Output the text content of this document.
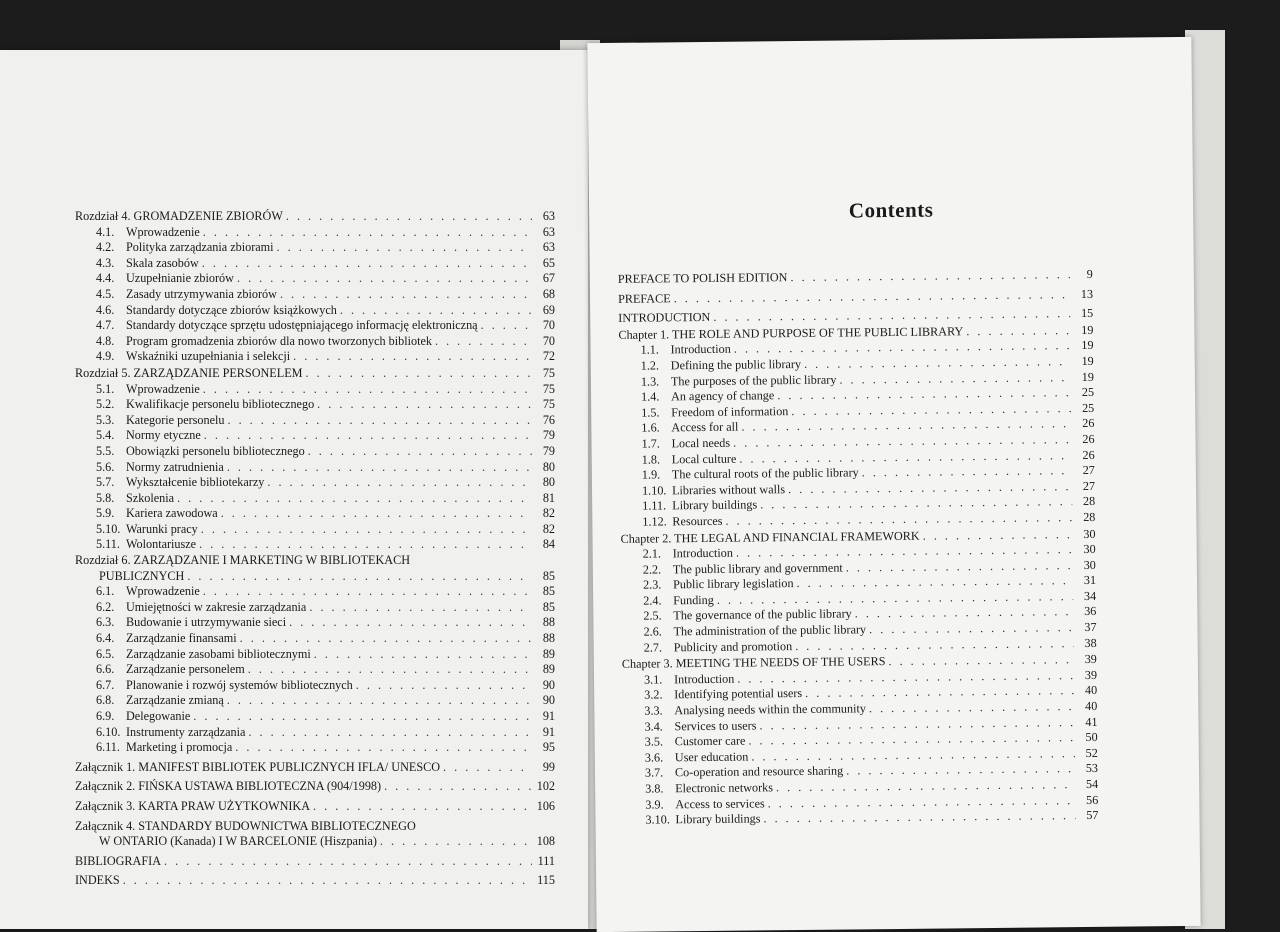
Rozdział 4. GROMADZENIE ZBIORÓW . . .	63
4.1. Wprowadzenie . . .	63
4.2. Polityka zarządzania zbiorami . . .	63
4.3. Skala zasobów . . .	65
4.4. Uzupełnianie zbiorów . . .	67
4.5. Zasady utrzymywania zbiorów . . .	68
4.6. Standardy dotyczące zbiorów książkowych . . .	69
4.7. Standardy dotyczące sprzętu udostępniającego informację elektroniczną . . .	70
4.8. Program gromadzenia zbiorów dla nowo tworzonych bibliotek . . .	70
4.9. Wskaźniki uzupełniania i selekcji . . .	72
Rozdział 5. ZARZĄDZANIE PERSONELEM . . .	75
5.1. Wprowadzenie . . .	75
5.2. Kwalifikacje personelu bibliotecznego . . .	75
5.3. Kategorie personelu . . .	76
5.4. Normy etyczne . . .	79
5.5. Obowiązki personelu bibliotecznego . . .	79
5.6. Normy zatrudnienia . . .	80
5.7. Wykształcenie bibliotekarzy . . .	80
5.8. Szkolenia . . .	81
5.9. Kariera zawodowa . . .	82
5.10. Warunki pracy . . .	82
5.11. Wolontariusze . . .	84
Rozdział 6. ZARZĄDZANIE I MARKETING W BIBLIOTEKACH
PUBLICZNYCH . . .	85
6.1. Wprowadzenie . . .	85
6.2. Umiejętności w zakresie zarządzania . . .	85
6.3. Budowanie i utrzymywanie sieci . . .	88
6.4. Zarządzanie finansami . . .	88
6.5. Zarządzanie zasobami bibliotecznymi . . .	89
6.6. Zarządzanie personelem . . .	89
6.7. Planowanie i rozwój systemów bibliotecznych . . .	90
6.8. Zarządzanie zmianą . . .	90
6.9. Delegowanie . . .	91
6.10. Instrumenty zarządzania . . .	91
6.11. Marketing i promocja . . .	95
Załącznik 1. MANIFEST BIBLIOTEK PUBLICZNYCH IFLA/ UNESCO . . .	99
Załącznik 2. FIŃSKA USTAWA BIBLIOTECZNA (904/1998) . . .	102
Załącznik 3. KARTA PRAW UŻYTKOWNIKA . . .	106
Załącznik 4. STANDARDY BUDOWNICTWA BIBLIOTECZNEGO
W ONTARIO (Kanada) I W BARCELONIE (Hiszpania) . . .	108
BIBLIOGRAFIA . . .	111
INDEKS . . .	115
Contents
PREFACE TO POLISH EDITION . . .	9
PREFACE . . .	13
INTRODUCTION . . .	15
Chapter 1. THE ROLE AND PURPOSE OF THE PUBLIC LIBRARY . . .	19
1.1. Introduction . . .	19
1.2. Defining the public library . . .	19
1.3. The purposes of the public library . . .	19
1.4. An agency of change . . .	25
1.5. Freedom of information . . .	25
1.6. Access for all . . .	26
1.7. Local needs . . .	26
1.8. Local culture . . .	26
1.9. The cultural roots of the public library . . .	27
1.10. Libraries without walls . . .	27
1.11. Library buildings . . .	28
1.12. Resources . . .	28
Chapter 2. THE LEGAL AND FINANCIAL FRAMEWORK . . .	30
2.1. Introduction . . .	30
2.2. The public library and government . . .	30
2.3. Public library legislation . . .	31
2.4. Funding . . .	34
2.5. The governance of the public library . . .	36
2.6. The administration of the public library . . .	37
2.7. Publicity and promotion . . .	38
Chapter 3. MEETING THE NEEDS OF THE USERS . . .	39
3.1. Introduction . . .	39
3.2. Identifying potential users . . .	40
3.3. Analysing needs within the community . . .	40
3.4. Services to users . . .	41
3.5. Customer care . . .	50
3.6. User education . . .	52
3.7. Co-operation and resource sharing . . .	53
3.8. Electronic networks . . .	54
3.9. Access to services . . .	56
3.10. Library buildings . . .	57
